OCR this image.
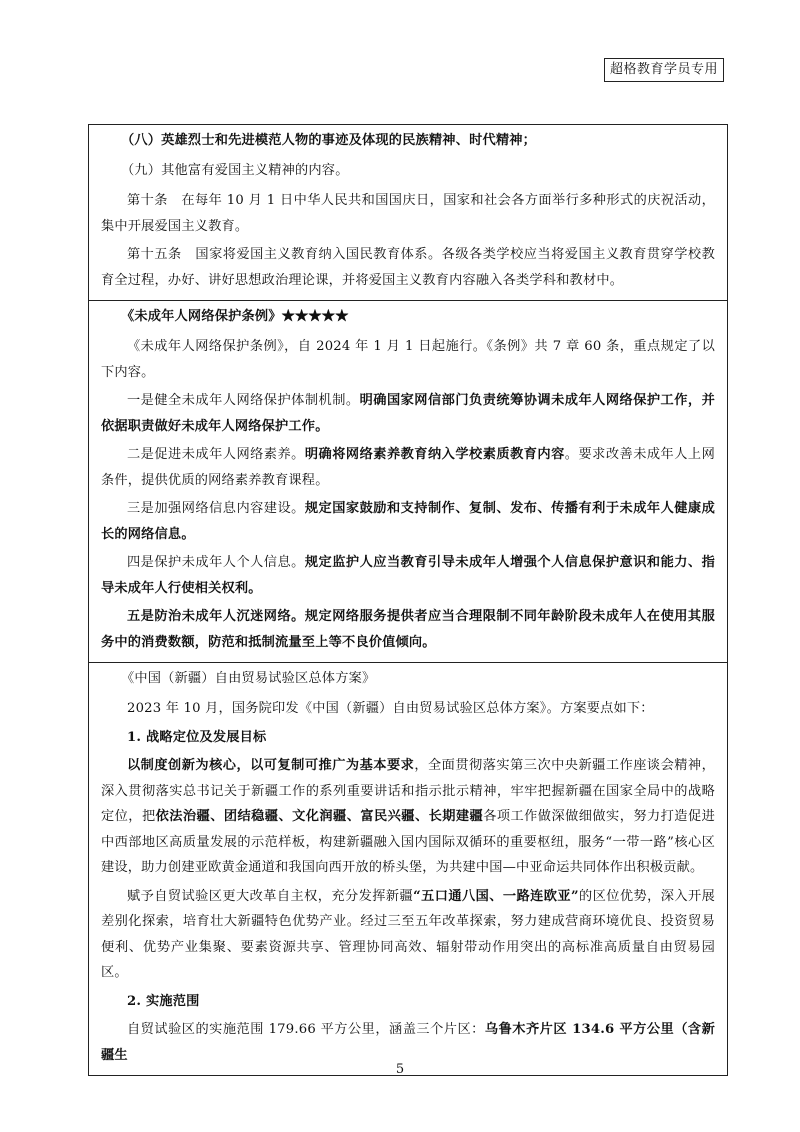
超格教育学员专用

（八）英雄烈士和先进模范人物的事迹及体现的民族精神、时代精神；

（九）其他富有爱国主义精神的内容。

第十条　在每年 10 月 1 日中华人民共和国国庆日，国家和社会各方面举行多种形式的庆祝活动，集中开展爱国主义教育。

第十五条　国家将爱国主义教育纳入国民教育体系。各级各类学校应当将爱国主义教育贯穿学校教育全过程，办好、讲好思想政治理论课，并将爱国主义教育内容融入各类学科和教材中。

《未成年人网络保护条例》★★★★★

《未成年人网络保护条例》，自 2024 年 1 月 1 日起施行。《条例》共 7 章 60 条，重点规定了以下内容。

一是健全未成年人网络保护体制机制。明确国家网信部门负责统筹协调未成年人网络保护工作，并依据职责做好未成年人网络保护工作。

二是促进未成年人网络素养。明确将网络素养教育纳入学校素质教育内容。要求改善未成年人上网条件，提供优质的网络素养教育课程。

三是加强网络信息内容建设。规定国家鼓励和支持制作、复制、发布、传播有利于未成年人健康成长的网络信息。

四是保护未成年人个人信息。规定监护人应当教育引导未成年人增强个人信息保护意识和能力、指导未成年人行使相关权利。

五是防治未成年人沉迷网络。规定网络服务提供者应当合理限制不同年龄阶段未成年人在使用其服务中的消费数额，防范和抵制流量至上等不良价值倾向。

《中国（新疆）自由贸易试验区总体方案》

2023 年 10 月，国务院印发《中国（新疆）自由贸易试验区总体方案》。方案要点如下：

1. 战略定位及发展目标

以制度创新为核心，以可复制可推广为基本要求，全面贯彻落实第三次中央新疆工作座谈会精神，深入贯彻落实总书记关于新疆工作的系列重要讲话和指示批示精神，牢牢把握新疆在国家全局中的战略定位，把依法治疆、团结稳疆、文化润疆、富民兴疆、长期建疆各项工作做深做细做实，努力打造促进中西部地区高质量发展的示范样板，构建新疆融入国内国际双循环的重要枢纽，服务“一带一路”核心区建设，助力创建亚欧黄金通道和我国向西开放的桥头堡，为共建中国—中亚命运共同体作出积极贡献。

赋予自贸试验区更大改革自主权，充分发挥新疆“五口通八国、一路连欧亚”的区位优势，深入开展差别化探索，培育壮大新疆特色优势产业。经过三至五年改革探索，努力建成营商环境优良、投资贸易便利、优势产业集聚、要素资源共享、管理协同高效、辐射带动作用突出的高标准高质量自由贸易园区。

2. 实施范围

自贸试验区的实施范围 179.66 平方公里，涵盖三个片区：乌鲁木齐片区 134.6 平方公里（含新疆生

5
